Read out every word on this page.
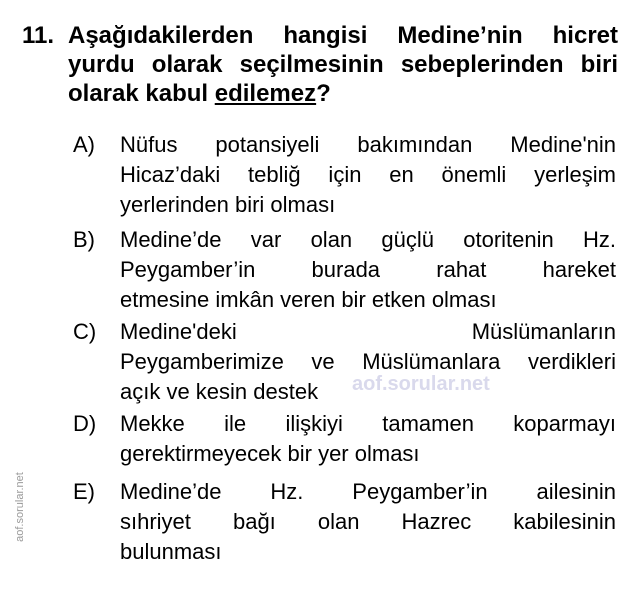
11. Aşağıdakilerden hangisi Medine’nin hicret
yurdu olarak seçilmesinin sebeplerinden biri
olarak kabul edilemez?
A) Nüfus potansiyeli bakımından Medine'nin
Hicaz’daki tebliğ için en önemli yerleşim
yerlerinden biri olması
B) Medine’de var olan güçlü otoritenin Hz.
Peygamber’in burada rahat hareket
etmesine imkân veren bir etken olması
C) Medine'deki Müslümanların
Peygamberimize ve Müslümanlara verdikleri
açık ve kesin destek
D) Mekke ile ilişkiyi tamamen koparmayı
gerektirmeyecek bir yer olması
E) Medine’de Hz. Peygamber’in ailesinin
sıhriyet bağı olan Hazrec kabilesinin
bulunması
aof.sorular.net
aof.sorular.net
